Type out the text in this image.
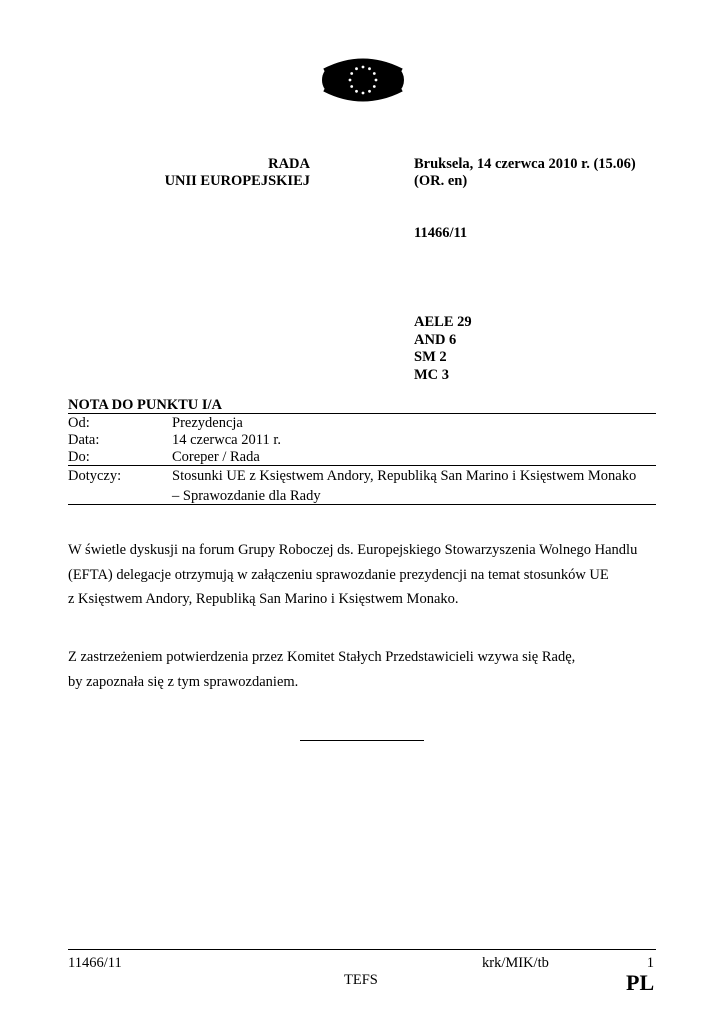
RADA
UNII EUROPEJSKIEJ
Bruksela, 14 czerwca 2010 r. (15.06)
(OR. en)
11466/11
AELE 29
AND 6
SM 2
MC 3
NOTA DO PUNKTU I/A
Od:	Prezydencja
Data:	14 czerwca 2011 r.
Do:	Coreper / Rada
Dotyczy:	Stosunki UE z Księstwem Andory, Republiką San Marino i Księstwem Monako
– Sprawozdanie dla Rady
W świetle dyskusji na forum Grupy Roboczej ds. Europejskiego Stowarzyszenia Wolnego Handlu
(EFTA) delegacje otrzymują w załączeniu sprawozdanie prezydencji na temat stosunków UE
z Księstwem Andory, Republiką San Marino i Księstwem Monako.
Z zastrzeżeniem potwierdzenia przez Komitet Stałych Przedstawicieli wzywa się Radę,
by zapoznała się z tym sprawozdaniem.
11466/11	krk/MIK/tb	1
TEFS	PL
